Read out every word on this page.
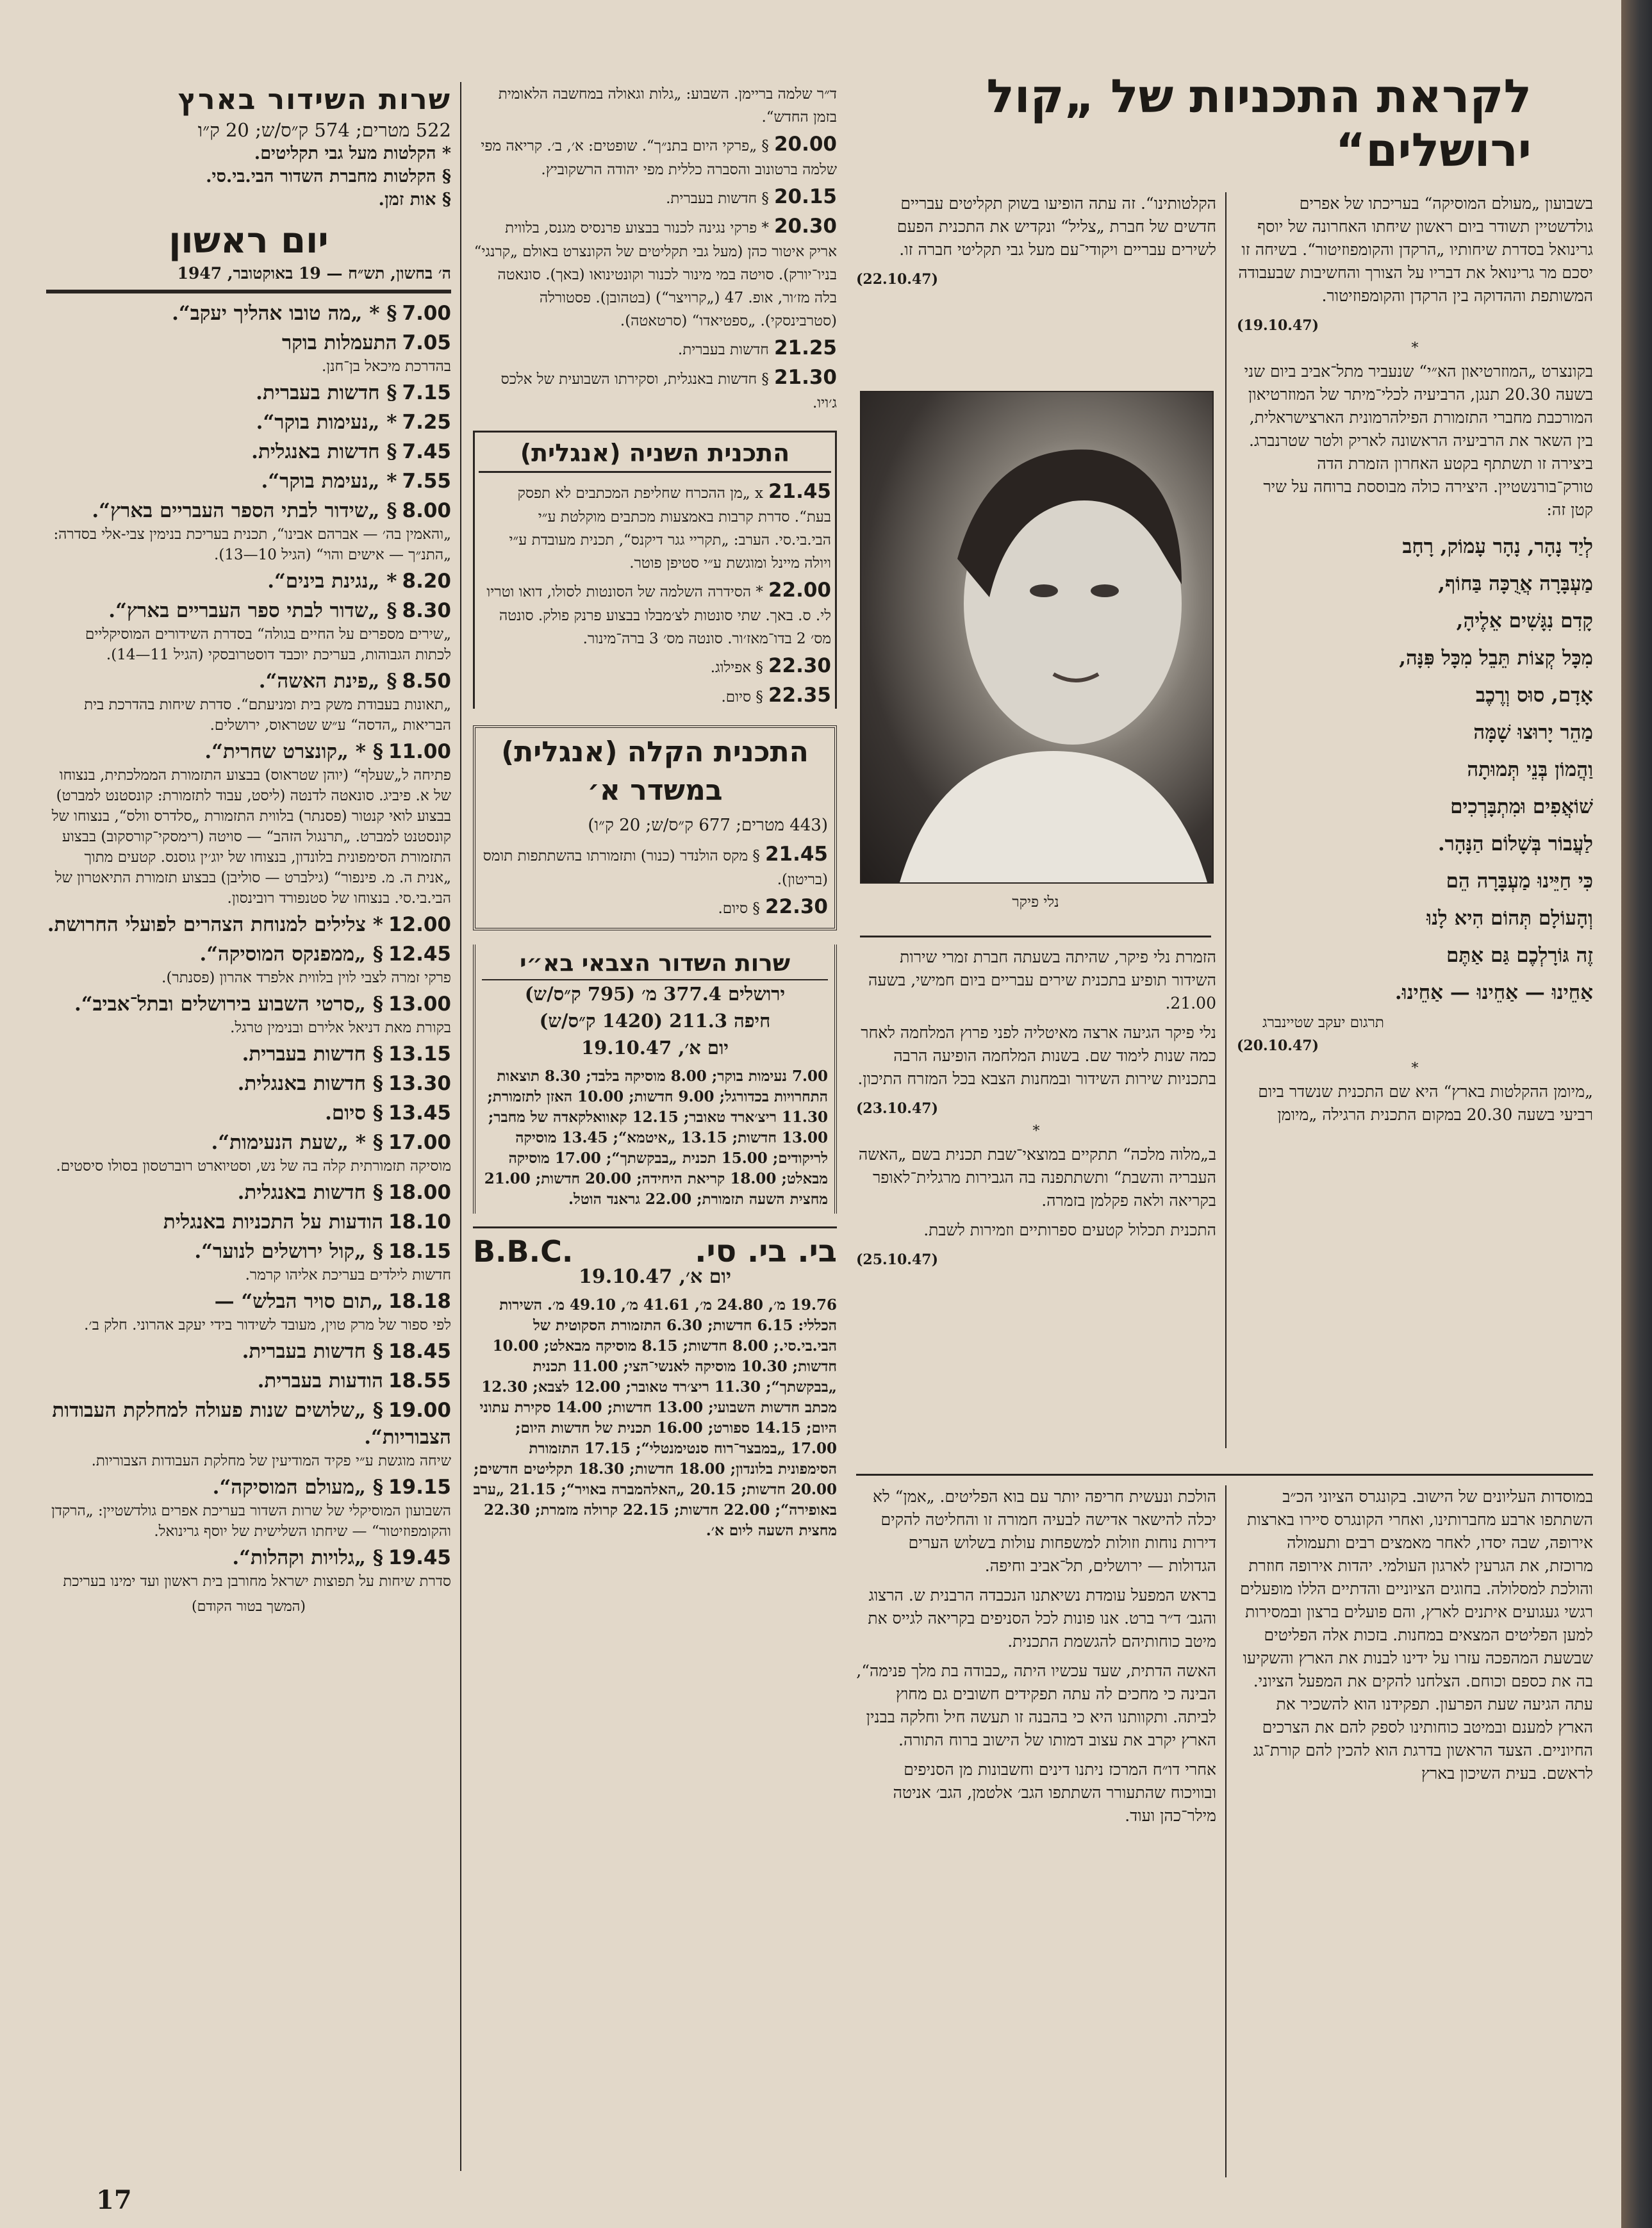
שרות השידור בארץ
522 מטרים; 574 ק״ס/ש; 20 ק״ו
* הקלטות מעל גבי תקליטים.
§ הקלטות מחברת השדור הבי.בי.סי.
§ אות זמן.
יום ראשון
ה׳ בחשון, תש״ח — 19 באוקטובר, 1947
7.00§ * „מה טובו אהליך יעקב“.
7.05התעמלות בוקר
בהדרכת מיכאל בן־חנן.
7.15§ חדשות בעברית.
7.25* „נעימות בוקר“.
7.45§ חדשות באנגלית.
7.55* „נעימת בוקר“.
8.00§ „שידור לבתי הספר העבריים בארץ“.
„והאמין בה׳ — אברהם אבינו“, תכנית בעריכת בנימין צבי‑אלי בסדרה: „התנ״ך — אישים והוי“ (הגיל 10—13).
8.20* „נגינת בינים“.
8.30§ „שדור לבתי ספר העבריים בארץ“.
„שירים מספרים על החיים בגולה“ בסדרת השידורים המוסיקליים לכתות הגבוהות, בעריכת יוכבד דוסטרובסקי (הגיל 11—14).
8.50§ „פינת האשה“.
„תאונות בעבודת משק בית ומניעתם“. סדרת שיחות בהדרכת בית הבריאות „הדסה“ ע״ש שטראוס, ירושלים.
11.00§ * „קונצרט שחרית“.
פתיחה ל„שעלף“ (יוהן שטראוס) בבצוע התזמורת הממלכתית, בנצוחו של א. פיביג. סונאטה לדנטה (ליסט, עבוד לתזמורת: קונסטנט למברט) בבצוע לואי קנטור (פסנתר) בלווית התזמורת „סלדרס וולס“, בנצוחו של קונסטנט למברט. „תרנגול הזהב“ — סויטה (רימסקי־קורסקוב) בבצוע התזמורת הסימפונית בלונדון, בנצוחו של יוג׳ין גוסנס. קטעים מתוך „אנית ה. מ. פינפור“ (גילברט — סוליבן) בבצוע תזמורת התיאטרון של הבי.בי.סי. בנצוחו של סטנפורד רובינסון.
12.00* צלילים למנוחת הצהרים לפועלי החרושת.
12.45§ „ממפנקס המוסיקה“.
פרקי זמרה לצבי לוין בלווית אלפרד אהרון (פסנתר).
13.00§ „סרטי השבוע בירושלים ובתל־אביב“.
בקורת מאת דניאל אלירם ובנימין טרגל.
13.15§ חדשות בעברית.
13.30§ חדשות באנגלית.
13.45§ סיום.
17.00§ * „שעת הנעימות“.
מוסיקה תזמורתית קלה בה של נש, וסטיוארט רוברטסון בסולו סיסטים.
18.00§ חדשות באנגלית.
18.10הודעות על התכניות באנגלית
18.15§ „קול ירושלים לנוער“.
חדשות לילדים בעריכת אליהו קרמר.
18.18„תום סויר הבלש“ —
לפי ספור של מרק טוין, מעובד לשידור בידי יעקב אהרוני. חלק ב׳.
18.45§ חדשות בעברית.
18.55הודעות בעברית.
19.00§ „שלושים שנות פעולה למחלקת העבודות הצבוריות“.
שיחה מוגשת ע״י פקיד המודיעין של מחלקת העבודות הצבוריות.
19.15§ „מעולם המוסיקה“.
השבועון המוסיקלי של שרות השדור בעריכת אפרים גולדשטיין: „הרקדן והקומפוזיטור“ — שיחתו השלישית של יוסף גרינואל.
19.45§ „גלויות וקהלות“.
סדרת שיחות על תפוצות ישראל מחורבן בית ראשון ועד ימינו בעריכת
(המשך בטור הקודם)
ד״ר שלמה בריימן. השבוע: „גלות וגאולה במחשבה הלאומית בזמן החדש“.
20.00§ „פרקי היום בתנ״ך“. שופטים: א׳, ב׳. קריאה מפי שלמה ברטונוב והסברה כללית מפי יהודה הרשקוביץ.
20.15§ חדשות בעברית.
20.30* פרקי נגינה לכנור בבצוע פרנסיס מגנס, בלווית אריק איטור כהן (מעל גבי תקליטים של הקונצרט באולם „קרנגי“ בניו־יורק). סויטה במי מינור לכנור וקונטינואו (באך). סונאטה בלה מז׳ור, אופ. 47 („קרויצר“) (בטהובן). פסטורלה (סטרבינסקי). „ספטיאדו“ (סרטאטה).
21.25חדשות בעברית.
21.30§ חדשות באנגלית, וסקירתו השבועית של אלכס ג׳ויו.
התכנית השניה (אנגלית)
21.45x „מן ההכרח שחליפת המכתבים לא תפסק בעת“. סדרת קרבות באמצעות מכתבים מוקלטת ע״י הבי.בי.סי. הערב: „תקריי גגר דיקנס“, תכנית מעובדת ע״י ויולה מיינל ומוגשת ע״י סטיפן פוטר.
22.00* הסידרה השלמה של הסונטות לסולו, דואו וטריו לי. ס. באך. שתי סונטות לצ׳מבלו בבצוע פרנק פולק. סונטה מס׳ 2 בדו־מאז׳ור. סונטה מס׳ 3 ברה־מינור.
22.30§ אפילוג.
22.35§ סיום.
התכנית הקלה (אנגלית) במשדר א׳
(443 מטרים; 677 ק״ס/ש; 20 ק״ו)
21.45§ מקס הולנדר (כנור) ותזמורתו בהשתתפות תומס (בריטון).
22.30§ סיום.
שרות השדור הצבאי בא״י
ירושלים 377.4 מ׳ (795 ק״ס/ש)
חיפה 211.3 (1420 ק״ס/ש)
יום א׳, 19.10.47
7.00 נעימות בוקר; 8.00 מוסיקה בלבד; 8.30 תוצאות התחרויות בכדורגל; 9.00 חדשות; 10.00 האזן לתזמורת; 11.30 ריצ׳ארד טאובר; 12.15 קאוואלקאדה של מחבר; 13.00 חדשות; 13.15 „איטמא“; 13.45 מוסיקה לריקודים; 15.00 תכנית „בבקשתך“; 17.00 מוסיקה מבאלט; 18.00 קריאת היחידה; 20.00 חדשות; 21.00 מחצית השעה תזמורת; 22.00 גראנד הוטל.
בי. בי. סי.
B.B.C.
יום א׳, 19.10.47
19.76 מ׳, 24.80 מ׳, 41.61 מ׳, 49.10 מ׳. השירות הכללי: 6.15 חדשות; 6.30 התזמורת הסקוטית של הבי.בי.סי.; 8.00 חדשות; 8.15 מוסיקה מבאלט; 10.00 חדשות; 10.30 מוסיקה לאנשי־הצי; 11.00 תכנית „בבקשתך“; 11.30 ריצ׳רד טאובר; 12.00 לצבא; 12.30 מכתב חדשות השבועי; 13.00 חדשות; 14.00 סקירת עתוני היום; 14.15 ספורט; 16.00 תכנית של חדשות היום; 17.00 „במבצר־רוח סנטימנטלי“; 17.15 התזמורת הסימפונית בלונדון; 18.00 חדשות; 18.30 תקליטים חדשים; 20.00 חדשות; 20.15 „האלהמברה באויר“; 21.15 „ערב באופירה“; 22.00 חדשות; 22.15 קרולה מזמרת; 22.30 מחצית השעה ליום א׳.
לקראת התכניות של „קול ירושלים“

הקלטותינו“. זה עתה הופיעו בשוק תקליטים עבריים חדשים של חברת „צליל“ ונקדיש את התכנית הפעם לשירים עבריים ויקודי־עם מעל גבי תקליטי חברה זו.

(22.10.47)
נלי פיקר

הזמרת נלי פיקר, שהיתה בשעתה חברת זמרי שירות השידור תופיע בתכנית שירים עבריים ביום חמישי, בשעה 21.00.

נלי פיקר הגיעה ארצה מאיטליה לפני פרוץ המלחמה לאחר כמה שנות לימוד שם. בשנות המלחמה הופיעה הרבה בתכניות שירות השידור ובמחנות הצבא בכל המזרח התיכון.

(23.10.47)
*

ב„מלוה מלכה“ תתקיים במוצאי־שבת תכנית בשם „האשה העבריה והשבת“ ותשתתפנה בה הגבירות מרגלית־לאופר בקריאה ולאה פקלמן בזמרה.

התכנית תכלול קטעים ספרותיים וזמירות לשבת.

(25.10.47)

בשבועון „מעולם המוסיקה“ בעריכתו של אפרים גולדשטיין תשודר ביום ראשון שיחתו האחרונה של יוסף גרינואל בסדרת שיחותיו „הרקדן והקומפוזיטור“. בשיחה זו יסכם מר גרינואל את דבריו על הצורך והחשיבות שבעבודה המשותפת וההדוקה בין הרקדן והקומפוזיטור.

(19.10.47)
*

בקונצרט „המוזרטיאון הא״י“ שנעביר מתל־אביב ביום שני בשעה 20.30 תנגן, הרביעיה לכלי־מיתר של המוזרטיאון המורכבת מחברי התזמורת הפילהרמונית הארצישראלית, בין השאר את הרביעיה הראשונה לאריק ולטר שטרנברג. ביצירה זו תשתתף בקטע האחרון הזמרת הדה טורק־בורנשטיין. היצירה כולה מבוססת ברוחה על שיר קטן זה:

לְיַד נָהָר, נָהָר עָמוֹק, רָחָב
מַעְבָּרָה אֲרֻכָּה בַּחוֹף,
קָדִם נִגָּשִׁים אֵלֶיהָ,
מִכָּל קְצוֹת תֵּבֵל מִכָּל פִּנָּה,
אָדָם, סוּס וְרֶכֶב
מַהֵר יָרוּצוּ שָׁמָּה
וַהֲמוֹן בְּנֵי תְּמוּתָה
שׁוֹאֲפִים וּמִתְבָּרְכִים
לַעֲבוֹר בְּשָׁלוֹם הַנָּהָר.
כִּי חַיֵּינוּ מַעְבָּרָה הֵם
וְהָעוֹלָם תְּהוֹם הִיא לָנוּ
זֶה גּוֹרָלְכֶם גַּם אַתֶּם
אַחֵינוּ — אַחֵינוּ — אַחֵינוּ.
תרגום יעקב שטיינברג
(20.10.47)
*

„מיומן ההקלטות בארץ“ היא שם התכנית שנשדר ביום רביעי בשעה 20.30 במקום התכנית הרגילה „מיומן

הולכת ונעשית חריפה יותר עם בוא הפליטים. „אמן“ לא יכלה להישאר אדישה לבעיה חמורה זו והחליטה להקים דירות נוחות וזולות למשפחות עולות בשלוש הערים הגדולות — ירושלים, תל־אביב וחיפה.

בראש המפעל עומדת נשיאתנו הנכבדה הרבנית ש. הרצוג והגב׳ ד״ר ברט. אנו פונות לכל הסניפים בקריאה לגייס את מיטב כוחותיהם להגשמת התכנית.

האשה הדתית, שעד עכשיו היתה „כבודה בת מלך פנימה“, הבינה כי מחכים לה עתה תפקידים חשובים גם מחוץ לביתה. ותקוותנו היא כי בהבנה זו תעשה חיל וחלקה בבנין הארץ יקרב את עצוב דמותו של הישוב ברוח התורה.

אחרי דו״ח המרכז ניתנו דינים וחשבונות מן הסניפים ובוויכוח שהתעורר השתתפו הגב׳ אלטמן, הגב׳ אניטה מילר־כהן ועוד.

במוסדות העליונים של הישוב. בקונגרס הציוני הכ״ב השתתפו ארבע מחברותינו, ואחרי הקונגרס סיירו בארצות אירופה, שבה יסדו, לאחר מאמצים רבים ותעמולה מרוכזת, את הגרעין לארגון העולמי. יהדות אירופה חוזרת והולכת למסלולה. בחוגים הציוניים והדתיים הללו מופעלים רגשי געגועים איתנים לארץ, והם פועלים ברצון ובמסירות למען הפליטים המצאים במחנות. בזכות אלה הפליטים שבשעת המהפכה עזרו על ידינו לבנות את הארץ והשקיעו בה את כספם וכוחם. הצלחנו להקים את המפעל הציוני. עתה הגיעה שעת הפרעון. תפקידנו הוא להשכיר את הארץ למענם ובמיטב כוחותינו לספק להם את הצרכים החיוניים. הצעד הראשון בדרגת הוא להכין להם קורת־גג לראשם. בעית השיכון בארץ

17
